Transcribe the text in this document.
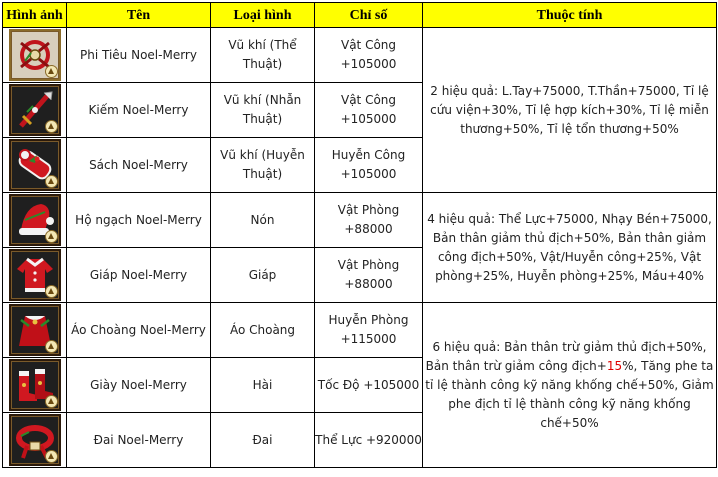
Hình ảnh	Tên	Loại hình	Chỉ số	Thuộc tính

	Phi Tiêu Noel-Merry	Vũ khí (Thể Thuật)	Vật Công +105000	2 hiệu quả: L.Tay+75000, T.Thần+75000, Tỉ lệ cứu viện+30%, Tỉ lệ hợp kích+30%, Tỉ lệ miễn thương+50%, Tỉ lệ tổn thương+50%

	Kiếm Noel-Merry	Vũ khí (Nhẫn Thuật)	Vật Công +105000	

	Sách Noel-Merry	Vũ khí (Huyễn Thuật)	Huyễn Công +105000	

	Hộ ngạch Noel-Merry	Nón	Vật Phòng +88000	4 hiệu quả: Thể Lực+75000, Nhạy Bén+75000, Bản thân giảm thủ địch+50%, Bản thân giảm công địch+50%, Vật/Huyễn công+25%, Vật phòng+25%, Huyễn phòng+25%, Máu+40%

	Giáp Noel-Merry	Giáp	Vật Phòng +88000	

	Áo Choàng Noel-Merry	Áo Choàng	Huyễn Phòng +115000	6 hiệu quả: Bản thân trừ giảm thủ địch+50%, Bản thân trừ giảm công địch+15%, Tăng phe ta tỉ lệ thành công kỹ năng khống chế+50%, Giảm phe địch tỉ lệ thành công kỹ năng khống chế+50%

	Giày Noel-Merry	Hài	Tốc Độ +105000	

	Đai Noel-Merry	Đai	Thể Lực +920000	
